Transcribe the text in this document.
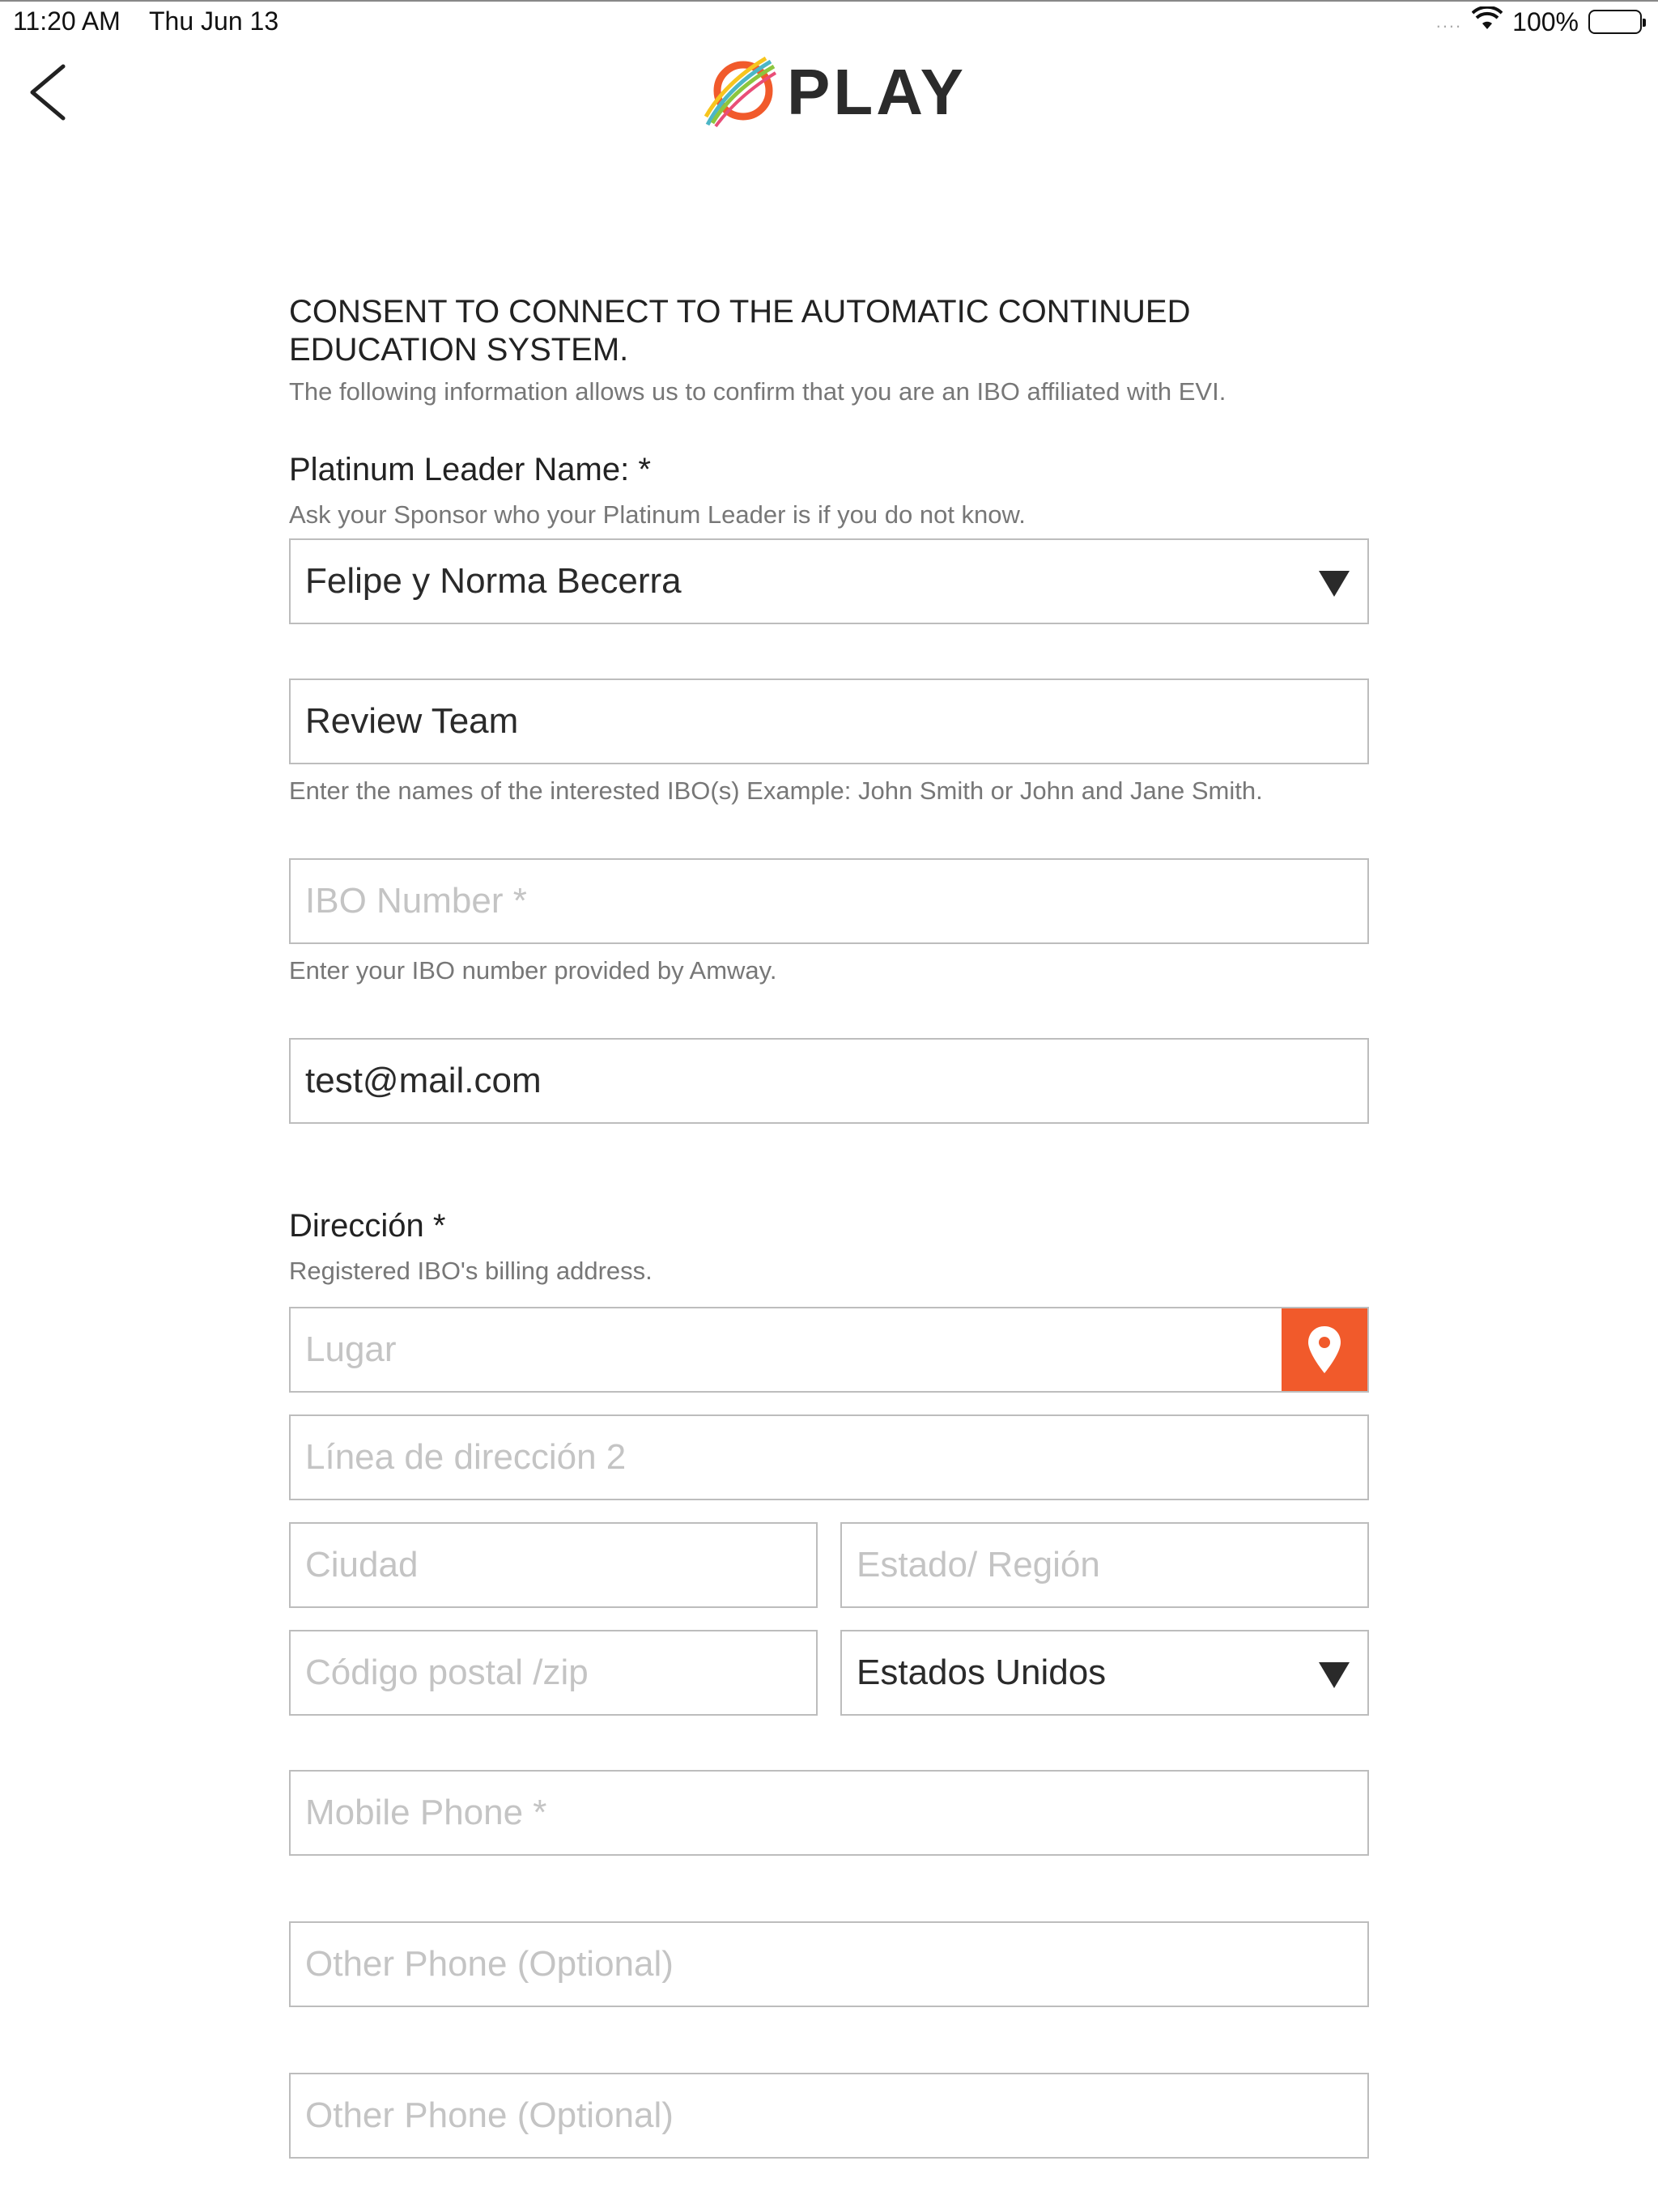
11:20 AM Thu Jun 13	.... 100%
PLAY
CONSENT TO CONNECT TO THE AUTOMATIC CONTINUED EDUCATION SYSTEM.
The following information allows us to confirm that you are an IBO affiliated with EVI.
Platinum Leader Name: *
Ask your Sponsor who your Platinum Leader is if you do not know.
Felipe y Norma Becerra
Review Team
Enter the names of the interested IBO(s) Example: John Smith or John and Jane Smith.
IBO Number *
Enter your IBO number provided by Amway.
test@mail.com
Dirección *
Registered IBO's billing address.
Lugar
Línea de dirección 2
Ciudad	Estado/ Región
Código postal /zip	Estados Unidos
Mobile Phone *
Other Phone (Optional)
Other Phone (Optional)
